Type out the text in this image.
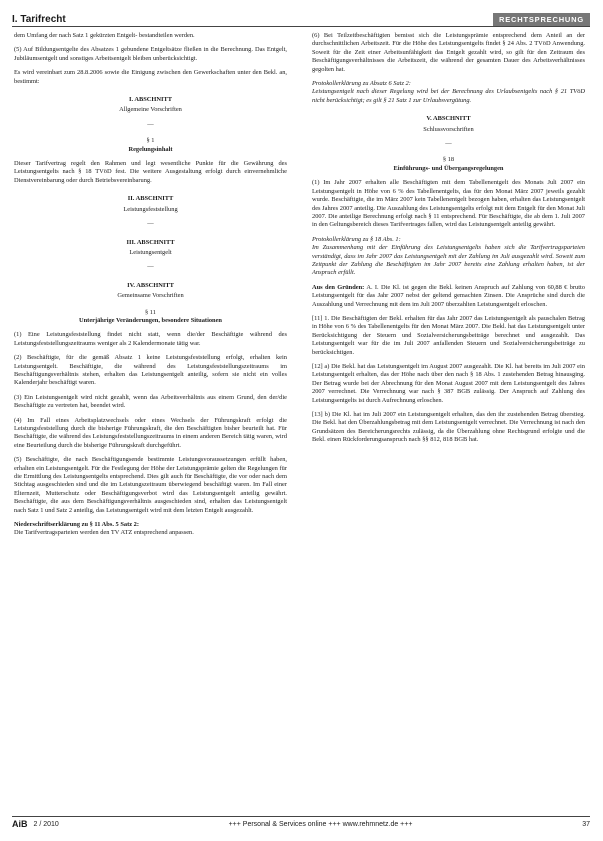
I. Tarifrecht	RECHTSPRECHUNG

dem Umfang der nach Satz 1 gekürzten Entgelt- bestandteilen werden.

(5) Auf Bildungsentgelte des Absatzes 1 gebundene Entgeltsätze fließen in die Berechnung. Das Entgelt, Jubiläumsentgelt und sonstiges Arbeitsentgelt bleiben unberücksichtigt.

Es wird vereinbart zum 28.8.2006 sowie die Einigung zwischen den Gewerkschaften unter den Bekl. an, bestimmt:

I. ABSCHNITT
Allgemeine Vorschriften
—
§ 1
Regelungsinhalt

Dieser Tarifvertrag regelt den Rahmen und legt wesentliche Punkte für die Gewährung des Leistungsentgelts nach § 18 TVöD fest. Die weitere Ausgestaltung erfolgt durch einvernehmliche Dienstvereinbarung oder durch Betriebsvereinbarung.

II. ABSCHNITT
Leistungsfeststellung
—
III. ABSCHNITT
Leistungsentgelt
—
IV. ABSCHNITT
Gemeinsame Vorschriften
§ 11
Unterjährige Veränderungen, besondere Situationen

(1) Eine Leistungsfeststellung findet nicht statt, wenn die/der Beschäftigte während des Leistungsfeststellungszeitraums weniger als 2 Kalendermonate tätig war.

(2) Beschäftigte, für die gemäß Absatz 1 keine Leistungsfeststellung erfolgt, erhalten kein Leistungsentgelt. Beschäftigte, die während des Leistungsfeststellungszeitraums im Beschäftigungsverhältnis stehen, erhalten das Leistungsentgelt anteilig, sofern sie nicht ein volles Kalenderjahr beschäftigt waren.

(3) Ein Leistungsentgelt wird nicht gezahlt, wenn das Arbeitsverhältnis aus einem Grund, den der/die Beschäftigte zu vertreten hat, beendet wird.

(4) Im Fall eines Arbeitsplatzwechsels oder eines Wechsels der Führungskraft erfolgt die Leistungsfeststellung durch die bisherige Führungskraft, die den Beschäftigten bisher beurteilt hat. Für Beschäftigte, die während des Leistungsfeststellungszeitraums in einem anderen Bereich tätig waren, wird eine Beurteilung durch die bisherige Führungskraft durchgeführt.

(5) Beschäftigte, die nach Beschäftigungsende bestimmte Leistungsvoraussetzungen erfüllt haben, erhalten ein Leistungsentgelt. Für die Festlegung der Höhe der Leistungsprämie gelten die Regelungen für die Ermittlung des Leistungsentgelts entsprechend. Dies gilt auch für Beschäftigte, die vor oder nach dem Stichtag ausgeschieden sind und die im Leistungszeitraum überwiegend beschäftigt waren. Im Fall einer Elternzeit, Mutterschutz oder Beschäftigungsverbot wird das Leistungsentgelt anteilig gewährt. Beschäftigte, die aus dem Beschäftigungsverhältnis ausgeschieden sind, erhalten das Leistungsentgelt nach Satz 1 und Satz 2 anteilig, das Leistungsentgelt wird mit dem letzten Entgelt ausgezahlt.

Niederschriftserklärung zu § 11 Abs. 5 Satz 2:

Die Tarifvertragsparteien werden den TV ATZ entsprechend anpassen.

(6) Bei Teilzeitbeschäftigten bemisst sich die Leistungsprämie entsprechend dem Anteil an der durchschnittlichen Arbeitszeit. Für die Höhe des Leistungsentgelts findet § 24 Abs. 2 TVöD Anwendung. Soweit für die Zeit einer Arbeitsunfähigkeit das Entgelt gezahlt wird, so gilt für den Zeitraum des Beschäftigungsverhältnisses die Arbeitszeit, die während der gesamten Dauer des Arbeitsverhältnisses gegolten hat.

Protokollerklärung zu Absatz 6 Satz 2:

Leistungsentgelt nach dieser Regelung wird bei der Berechnung des Urlaubsentgelts nach § 21 TVöD nicht berücksichtigt; es gilt § 21 Satz 1 zur Urlaubsvergütung.

V. ABSCHNITT
Schlussvorschriften
—
§ 18
Einführungs- und Übergangsregelungen

(1) Im Jahr 2007 erhalten alle Beschäftigten mit dem Tabellenentgelt des Monats Juli 2007 ein Leistungsentgelt in Höhe von 6 % des Tabellenentgelts, das für den Monat März 2007 jeweils gezahlt wurde. Beschäftigte, die im März 2007 kein Tabellenentgelt bezogen haben, erhalten das Leistungsentgelt des Jahres 2007 anteilig. Die Auszahlung des Leistungsentgelts erfolgt mit dem Entgelt für den Monat Juli 2007. Die anteilige Berechnung erfolgt nach § 11 entsprechend. Für Beschäftigte, die ab dem 1. Juli 2007 in den Geltungsbereich dieses Tarifvertrages fallen, wird das Leistungsentgelt anteilig gewährt.

Protokollerklärung zu § 18 Abs. 1:

Im Zusammenhang mit der Einführung des Leistungsentgelts haben sich die Tarifvertragsparteien verständigt, dass im Jahr 2007 das Leistungsentgelt mit der Zahlung im Juli ausgezahlt wird. Soweit zum Zeitpunkt der Zahlung die Beschäftigten im Jahr 2007 bereits eine Zahlung erhalten haben, ist der Anspruch erfüllt.

Aus den Gründen: A. I. Die Kl. ist gegen die Bekl. keinen Anspruch auf Zahlung von 60,88 € brutto Leistungsentgelt für das Jahr 2007 nebst der geltend gemachten Zinsen. Die Ansprüche sind durch die Auszahlung und Verrechnung mit dem im Juli 2007 überzahlten Leistungsentgelt erloschen.

[11] 1. Die Beschäftigten der Bekl. erhalten für das Jahr 2007 das Leistungsentgelt als pauschalen Betrag in Höhe von 6 % des Tabellenentgelts für den Monat März 2007. Die Bekl. hat das Leistungsentgelt unter Berücksichtigung der Steuern und Sozialversicherungsbeiträge berechnet und ausgezahlt. Das Leistungsentgelt war für die im Juli 2007 anfallenden Steuern und Sozialversicherungsbeiträge zu berücksichtigen.

[12] a) Die Bekl. hat das Leistungsentgelt im August 2007 ausgezahlt. Die Kl. hat bereits im Juli 2007 ein Leistungsentgelt erhalten, das der Höhe nach über den nach § 18 Abs. 1 zustehenden Betrag hinausging. Der Betrag wurde bei der Abrechnung für den Monat August 2007 mit dem Leistungsentgelt des Jahres 2007 verrechnet. Die Verrechnung war nach § 387 BGB zulässig. Der Anspruch auf Zahlung des Leistungsentgelts ist durch Aufrechnung erloschen.

[13] b) Die Kl. hat im Juli 2007 ein Leistungsentgelt erhalten, das den ihr zustehenden Betrag überstieg. Die Bekl. hat den Überzahlungsbetrag mit dem Leistungsentgelt verrechnet. Die Verrechnung ist nach den Grundsätzen des Bereicherungsrechts zulässig, da die Überzahlung ohne Rechtsgrund erfolgte und die Bekl. einen Rückforderungsanspruch nach §§ 812, 818 BGB hat.

AiB 2 / 2010	+++ Personal & Services online +++ www.rehmnetz.de +++	37
